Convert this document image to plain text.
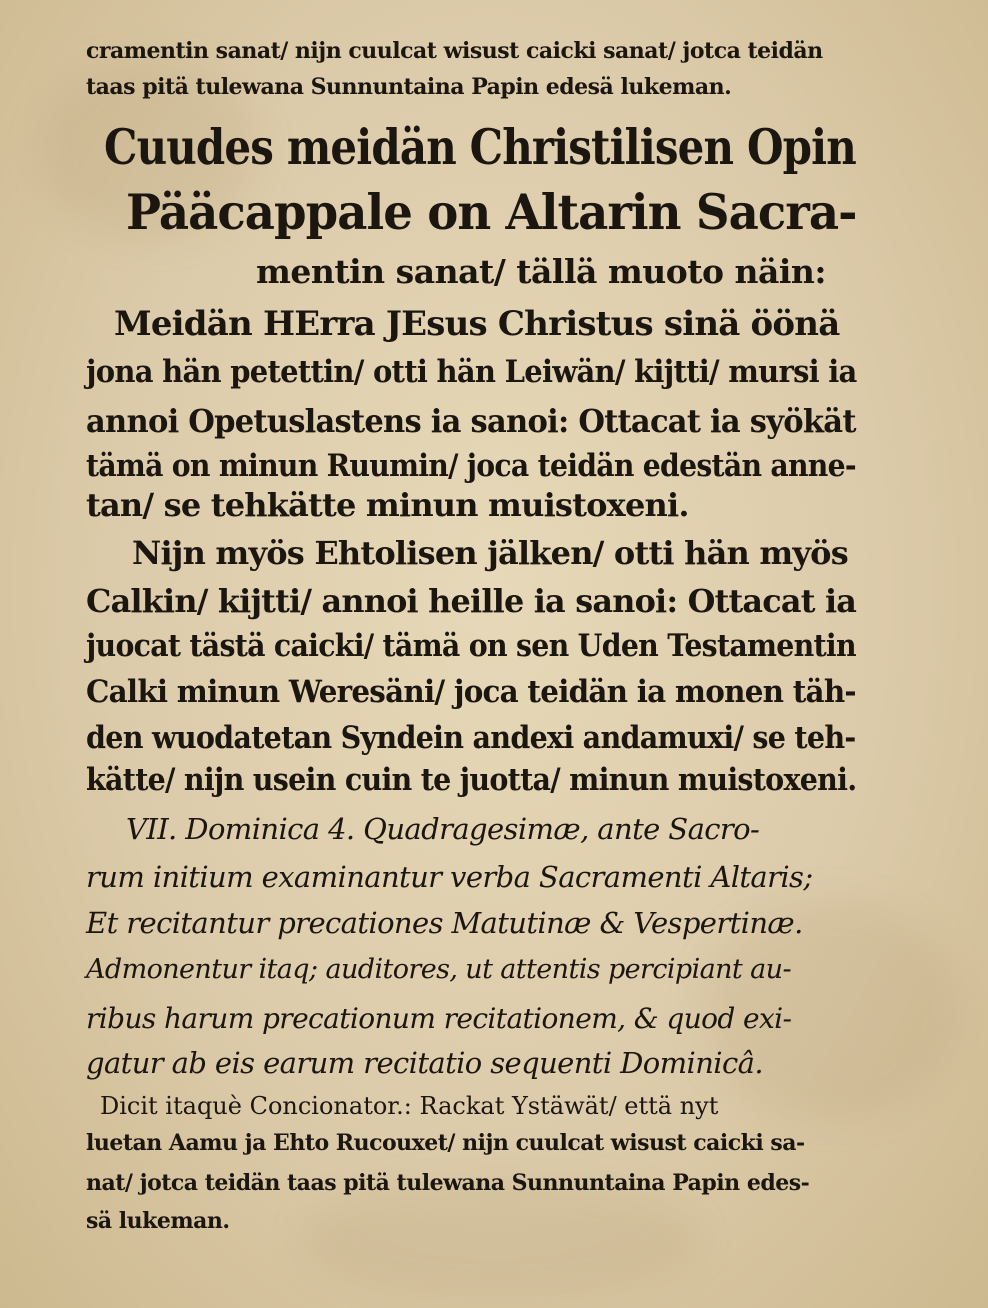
cramentin sanat/ nijn cuulcat wisust caicki sanat/ jotca teidän
taas pitä tulewana Sunnuntaina Papin edesä lukeman.
Cuudes meidän Christilisen Opin
Pääcappale on Altarin Sacra-
mentin sanat/ tällä muoto näin:
Meidän HErra JEsus Christus sinä öönä
jona hän petettin/ otti hän Leiwän/ kijtti/ mursi ia
annoi Opetuslastens ia sanoi: Ottacat ia syökät
tämä on minun Ruumin/ joca teidän edestän anne-
tan/ se tehkätte minun muistoxeni.
Nijn myös Ehtolisen jälken/ otti hän myös
Calkin/ kijtti/ annoi heille ia sanoi: Ottacat ia
juocat tästä caicki/ tämä on sen Uden Testamentin
Calki minun Weresäni/ joca teidän ia monen täh-
den wuodatetan Syndein andexi andamuxi/ se teh-
kätte/ nijn usein cuin te juotta/ minun muistoxeni.
VII. Dominica 4. Quadragesimæ, ante Sacro-
rum initium examinantur verba Sacramenti Altaris;
Et recitantur precationes Matutinæ & Vespertinæ.
Admonentur itaq; auditores, ut attentis percipiant au-
ribus harum precationum recitationem, & quod exi-
gatur ab eis earum recitatio sequenti Dominicâ.
Dicit itaquè Concionator.: Rackat Ystäwät/ että nyt
luetan Aamu ja Ehto Rucouxet/ nijn cuulcat wisust caicki sa-
nat/ jotca teidän taas pitä tulewana Sunnuntaina Papin edes-
sä lukeman.
